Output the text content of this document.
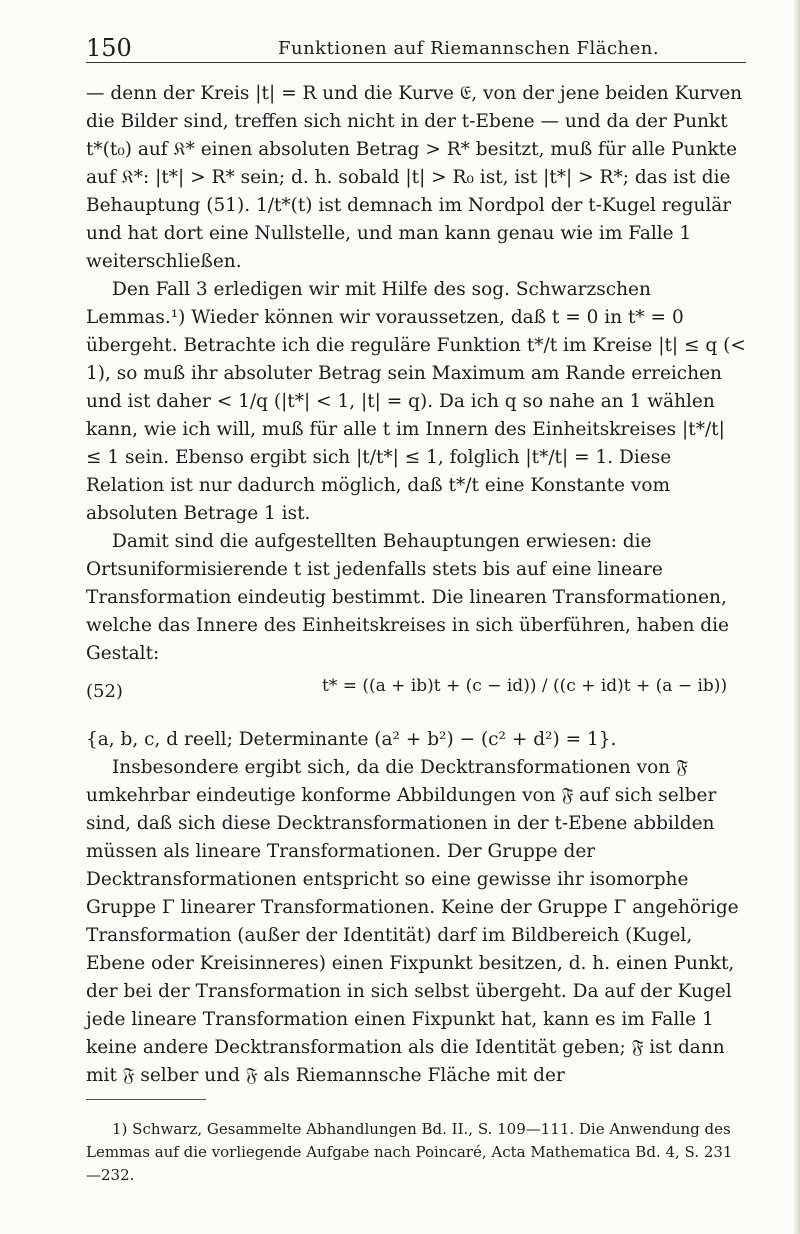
150	Funktionen auf Riemannschen Flächen.

— denn der Kreis |t| = R und die Kurve 𝔈, von der jene beiden Kurven die Bilder sind, treffen sich nicht in der t-Ebene — und da der Punkt t*(t₀) auf 𝔎* einen absoluten Betrag > R* besitzt, muß für alle Punkte auf 𝔎*: |t*| > R* sein; d. h. sobald |t| > R₀ ist, ist |t*| > R*; das ist die Behauptung (51). 1/t*(t) ist demnach im Nordpol der t-Kugel regulär und hat dort eine Nullstelle, und man kann genau wie im Falle 1 weiterschließen.

Den Fall 3 erledigen wir mit Hilfe des sog. Schwarzschen Lemmas.¹) Wieder können wir voraussetzen, daß t = 0 in t* = 0 übergeht. Betrachte ich die reguläre Funktion t*/t im Kreise |t| ≤ q (< 1), so muß ihr absoluter Betrag sein Maximum am Rande erreichen und ist daher < 1/q (|t*| < 1, |t| = q). Da ich q so nahe an 1 wählen kann, wie ich will, muß für alle t im Innern des Einheitskreises |t*/t| ≤ 1 sein. Ebenso ergibt sich |t/t*| ≤ 1, folglich |t*/t| = 1. Diese Relation ist nur dadurch möglich, daß t*/t eine Konstante vom absoluten Betrage 1 ist.

Damit sind die aufgestellten Behauptungen erwiesen: die Ortsuniformisierende t ist jedenfalls stets bis auf eine lineare Transformation eindeutig bestimmt. Die linearen Transformationen, welche das Innere des Einheitskreises in sich überführen, haben die Gestalt:

(52)	t* = ((a + ib)t + (c − id)) / ((c + id)t + (a − ib))

{a, b, c, d reell; Determinante (a² + b²) − (c² + d²) = 1}.

Insbesondere ergibt sich, da die Decktransformationen von 𝔉̃ umkehrbar eindeutige konforme Abbildungen von 𝔉̃ auf sich selber sind, daß sich diese Decktransformationen in der t-Ebene abbilden müssen als lineare Transformationen. Der Gruppe der Decktransformationen entspricht so eine gewisse ihr isomorphe Gruppe Γ linearer Transformationen. Keine der Gruppe Γ angehörige Transformation (außer der Identität) darf im Bildbereich (Kugel, Ebene oder Kreisinneres) einen Fixpunkt besitzen, d. h. einen Punkt, der bei der Transformation in sich selbst übergeht. Da auf der Kugel jede lineare Transformation einen Fixpunkt hat, kann es im Falle 1 keine andere Decktransformation als die Identität geben; 𝔉̃ ist dann mit 𝔉 selber und 𝔉 als Riemannsche Fläche mit der

1) Schwarz, Gesammelte Abhandlungen Bd. II., S. 109—111. Die Anwendung des Lemmas auf die vorliegende Aufgabe nach Poincaré, Acta Mathematica Bd. 4, S. 231—232.
